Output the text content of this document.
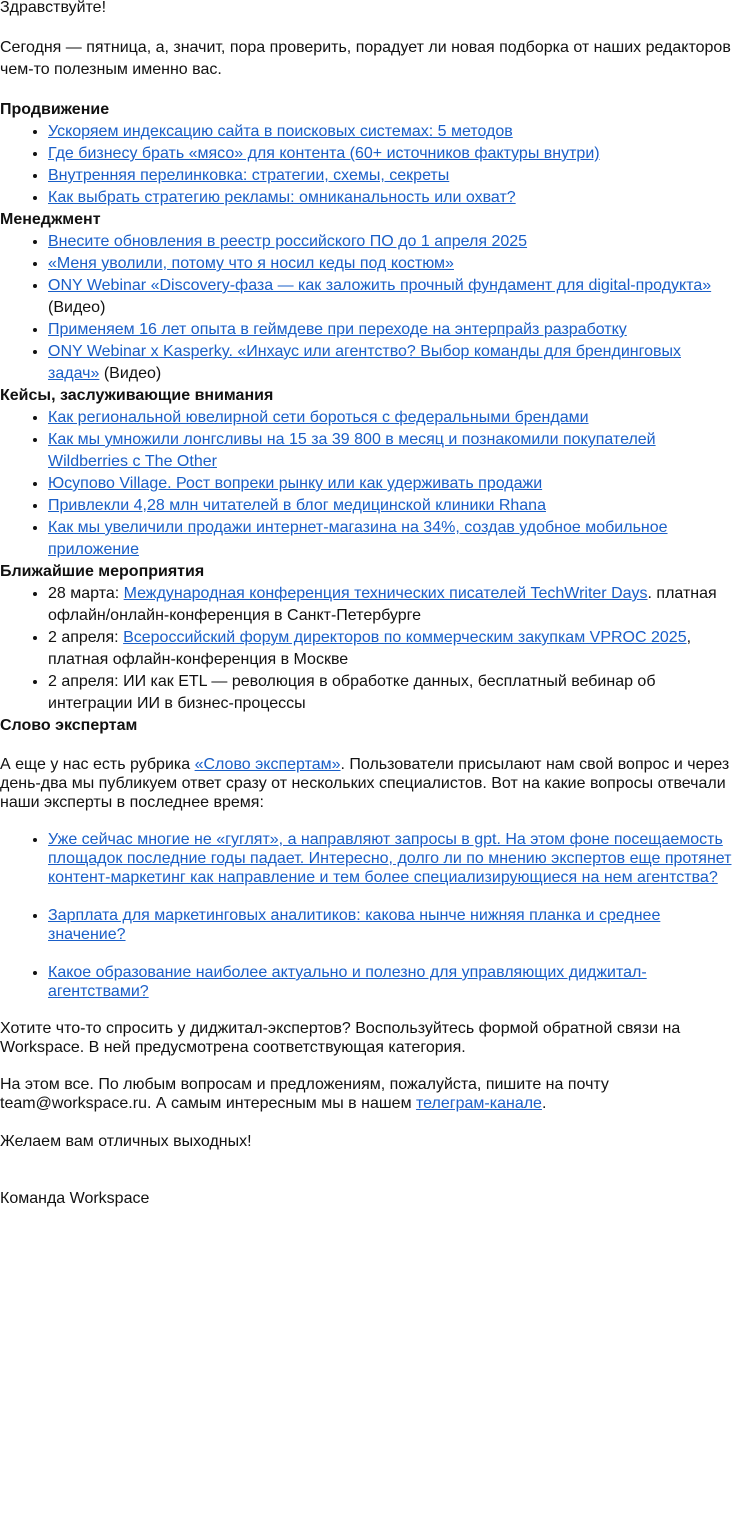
Здравствуйте!

Сегодня — пятница, а, значит, пора проверить, порадует ли новая подборка от наших редакторов чем-то полезным именно вас.

Продвижение

• Ускоряем индексацию сайта в поисковых системах: 5 методов
• Где бизнесу брать «мясо» для контента (60+ источников фактуры внутри)
• Внутренняя перелинковка: стратегии, схемы, секреты
• Как выбрать стратегию рекламы: омниканальность или охват?

Менеджмент

• Внесите обновления в реестр российского ПО до 1 апреля 2025
• «Меня уволили, потому что я носил кеды под костюм»
• ONY Webinar «Discovery-фаза — как заложить прочный фундамент для digital-продукта» (Видео)
• Применяем 16 лет опыта в геймдеве при переходе на энтерпрайз разработку
• ONY Webinar x Kasperky. «Инхаус или агентство? Выбор команды для брендинговых задач» (Видео)

Кейсы, заслуживающие внимания

• Как региональной ювелирной сети бороться с федеральными брендами
• Как мы умножили лонгсливы на 15 за 39 800 в месяц и познакомили покупателей Wildberries с The Other
• Юсупово Village. Рост вопреки рынку или как удерживать продажи
• Привлекли 4,28 млн читателей в блог медицинской клиники Rhana
• Как мы увеличили продажи интернет-магазина на 34%, создав удобное мобильное приложение

Ближайшие мероприятия

• 28 марта: Международная конференция технических писателей TechWriter Days. платная офлайн/онлайн-конференция в Санкт-Петербурге
• 2 апреля: Всероссийский форум директоров по коммерческим закупкам VPROC 2025, платная офлайн-конференция в Москве
• 2 апреля: ИИ как ETL — революция в обработке данных, бесплатный вебинар об интеграции ИИ в бизнес-процессы

Слово экспертам

А еще у нас есть рубрика «Слово экспертам». Пользователи присылают нам свой вопрос и через день-два мы публикуем ответ сразу от нескольких специалистов. Вот на какие вопросы отвечали наши эксперты в последнее время:

• Уже сейчас многие не «гуглят», а направляют запросы в gpt. На этом фоне посещаемость площадок последние годы падает. Интересно, долго ли по мнению экспертов еще протянет контент-маркетинг как направление и тем более специализирующиеся на нем агентства?
• Зарплата для маркетинговых аналитиков: какова нынче нижняя планка и среднее значение?
• Какое образование наиболее актуально и полезно для управляющих диджитал-агентствами?

Хотите что-то спросить у диджитал-экспертов? Воспользуйтесь формой обратной связи на Workspace. В ней предусмотрена соответствующая категория.

На этом все. По любым вопросам и предложениям, пожалуйста, пишите на почту team@workspace.ru. А самым интересным мы в нашем телеграм-канале.

Желаем вам отличных выходных!

Команда Workspace
